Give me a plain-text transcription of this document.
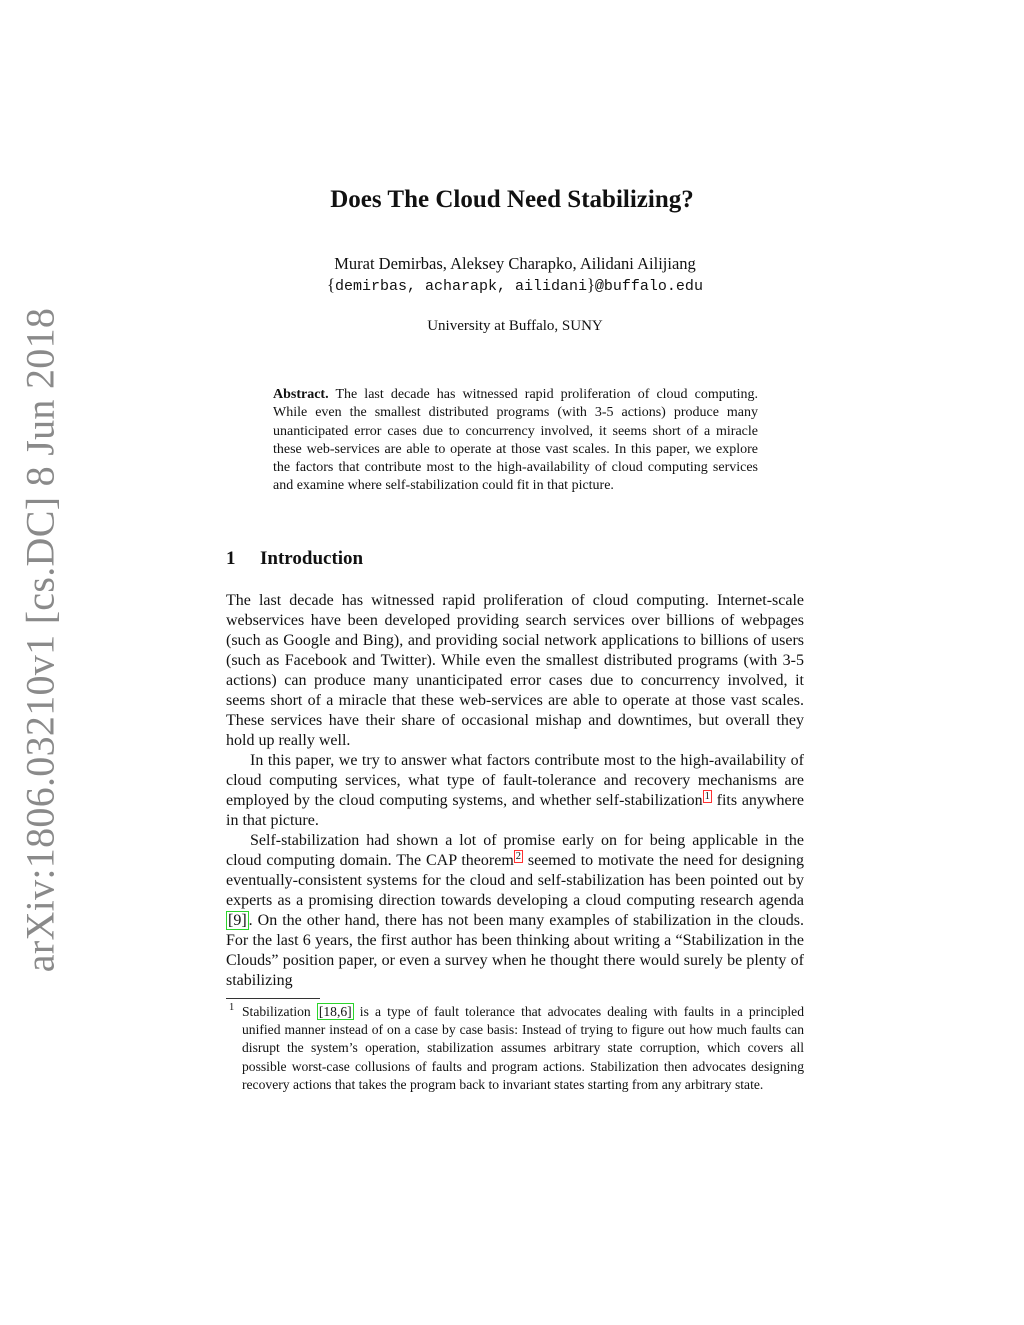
arXiv:1806.03210v1 [cs.DC] 8 Jun 2018
Does The Cloud Need Stabilizing?
Murat Demirbas, Aleksey Charapko, Ailidani Ailijiang
{demirbas, acharapk, ailidani}@buffalo.edu
University at Buffalo, SUNY
Abstract. The last decade has witnessed rapid proliferation of cloud computing. While even the smallest distributed programs (with 3-5 actions) produce many unanticipated error cases due to concurrency involved, it seems short of a miracle these web-services are able to operate at those vast scales. In this paper, we explore the factors that contribute most to the high-availability of cloud computing services and examine where self-stabilization could fit in that picture.
1 Introduction

The last decade has witnessed rapid proliferation of cloud computing. Internet-scale webservices have been developed providing search services over billions of webpages (such as Google and Bing), and providing social network applications to billions of users (such as Facebook and Twitter). While even the smallest distributed programs (with 3-5 actions) can produce many unanticipated error cases due to concurrency involved, it seems short of a miracle that these web-services are able to operate at those vast scales. These services have their share of occasional mishap and downtimes, but overall they hold up really well.

In this paper, we try to answer what factors contribute most to the high-availability of cloud computing services, what type of fault-tolerance and recovery mechanisms are employed by the cloud computing systems, and whether self-stabilization $^1$ fits anywhere in that picture.

Self-stabilization had shown a lot of promise early on for being applicable in the cloud computing domain. The CAP theorem $^2$ seemed to motivate the need for designing eventually-consistent systems for the cloud and self-stabilization has been pointed out by experts as a promising direction towards developing a cloud computing research agenda [9] . On the other hand, there has not been many examples of stabilization in the clouds. For the last 6 years, the first author has been thinking about writing a “Stabilization in the Clouds” position paper, or even a survey when he thought there would surely be plenty of stabilizing

1 Stabilization [18,6] is a type of fault tolerance that advocates dealing with faults in a principled unified manner instead of on a case by case basis: Instead of trying to figure out how much faults can disrupt the system’s operation, stabilization assumes arbitrary state corruption, which covers all possible worst-case collusions of faults and program actions. Stabilization then advocates designing recovery actions that takes the program back to invariant states starting from any arbitrary state.
